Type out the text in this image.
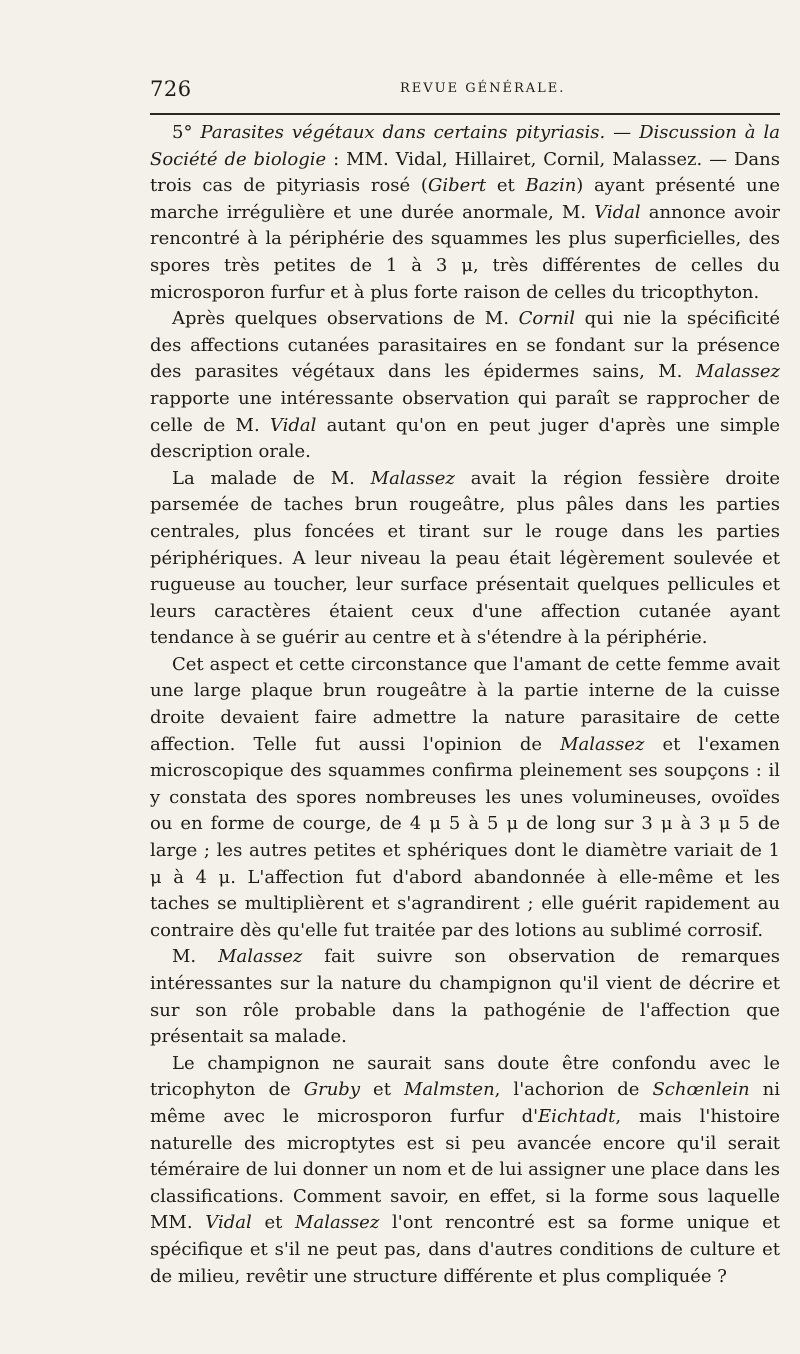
726	REVUE GÉNÉRALE.

5° Parasites végétaux dans certains pityriasis. — Discussion à la Société de biologie : MM. Vidal, Hillairet, Cornil, Malassez. — Dans trois cas de pityriasis rosé (Gibert et Bazin) ayant présenté une marche irrégulière et une durée anormale, M. Vidal annonce avoir rencontré à la périphérie des squammes les plus superficielles, des spores très petites de 1 à 3 μ, très différentes de celles du microsporon furfur et à plus forte raison de celles du tricopthyton.

Après quelques observations de M. Cornil qui nie la spécificité des affections cutanées parasitaires en se fondant sur la présence des parasites végétaux dans les épidermes sains, M. Malassez rapporte une intéressante observation qui paraît se rapprocher de celle de M. Vidal autant qu'on en peut juger d'après une simple description orale.

La malade de M. Malassez avait la région fessière droite parsemée de taches brun rougeâtre, plus pâles dans les parties centrales, plus foncées et tirant sur le rouge dans les parties périphériques. A leur niveau la peau était légèrement soulevée et rugueuse au toucher, leur surface présentait quelques pellicules et leurs caractères étaient ceux d'une affection cutanée ayant tendance à se guérir au centre et à s'étendre à la périphérie.

Cet aspect et cette circonstance que l'amant de cette femme avait une large plaque brun rougeâtre à la partie interne de la cuisse droite devaient faire admettre la nature parasitaire de cette affection. Telle fut aussi l'opinion de Malassez et l'examen microscopique des squammes confirma pleinement ses soupçons : il y constata des spores nombreuses les unes volumineuses, ovoïdes ou en forme de courge, de 4 μ 5 à 5 μ de long sur 3 μ à 3 μ 5 de large ; les autres petites et sphériques dont le diamètre variait de 1 μ à 4 μ. L'affection fut d'abord abandonnée à elle-même et les taches se multiplièrent et s'agrandirent ; elle guérit rapidement au contraire dès qu'elle fut traitée par des lotions au sublimé corrosif.

M. Malassez fait suivre son observation de remarques intéressantes sur la nature du champignon qu'il vient de décrire et sur son rôle probable dans la pathogénie de l'affection que présentait sa malade.

Le champignon ne saurait sans doute être confondu avec le tricophyton de Gruby et Malmsten, l'achorion de Schœnlein ni même avec le microsporon furfur d'Eichtadt, mais l'histoire naturelle des microptytes est si peu avancée encore qu'il serait téméraire de lui donner un nom et de lui assigner une place dans les classifications. Comment savoir, en effet, si la forme sous laquelle MM. Vidal et Malassez l'ont rencontré est sa forme unique et spécifique et s'il ne peut pas, dans d'autres conditions de culture et de milieu, revêtir une structure différente et plus compliquée ?
